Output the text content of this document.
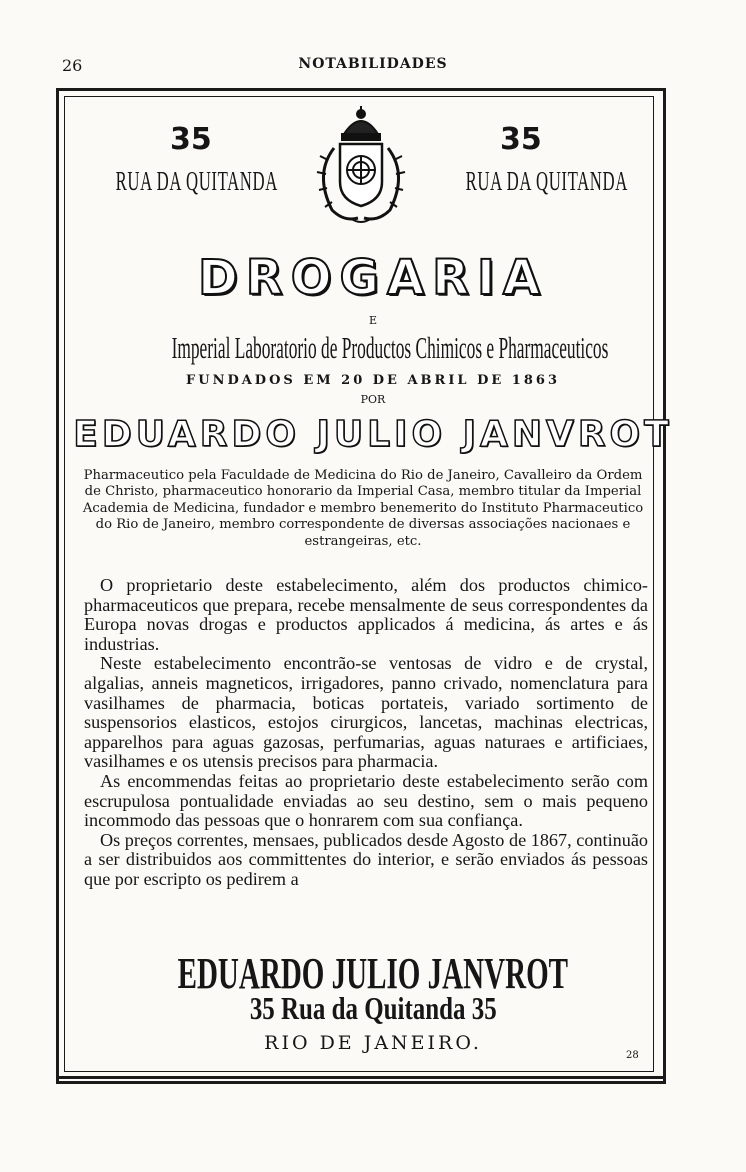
26	NOTABILIDADES
35	35
RUA DA QUITANDA	RUA DA QUITANDA
DROGARIA
E
Imperial Laboratorio de Productos Chimicos e Pharmaceuticos
FUNDADOS EM 20 DE ABRIL DE 1863
POR
EDUARDO JULIO JANVROT
Pharmaceutico pela Faculdade de Medicina do Rio de Janeiro, Cavalleiro da Ordem de Christo, pharmaceutico honorario da Imperial Casa, membro titular da Imperial Academia de Medicina, fundador e membro benemerito do Instituto Pharmaceutico do Rio de Janeiro, membro correspondente de diversas associações nacionaes e estrangeiras, etc.

O proprietario deste estabelecimento, além dos productos chimico-pharmaceuticos que prepara, recebe mensalmente de seus correspondentes da Europa novas drogas e productos applicados á medicina, ás artes e ás industrias.

Neste estabelecimento encontrão-se ventosas de vidro e de crystal, algalias, anneis magneticos, irrigadores, panno crivado, nomenclatura para vasilhames de pharmacia, boticas portateis, variado sortimento de suspensorios elasticos, estojos cirurgicos, lancetas, machinas electricas, apparelhos para aguas gazosas, perfumarias, aguas naturaes e artificiaes, vasilhames e os utensis precisos para pharmacia.

As encommendas feitas ao proprietario deste estabelecimento serão com escrupulosa pontualidade enviadas ao seu destino, sem o mais pequeno incommodo das pessoas que o honrarem com sua confiança.

Os preços correntes, mensaes, publicados desde Agosto de 1867, continuão a ser distribuidos aos committentes do interior, e serão enviados ás pessoas que por escripto os pedirem a

EDUARDO JULIO JANVROT
35 Rua da Quitanda 35
RIO DE JANEIRO.
28
